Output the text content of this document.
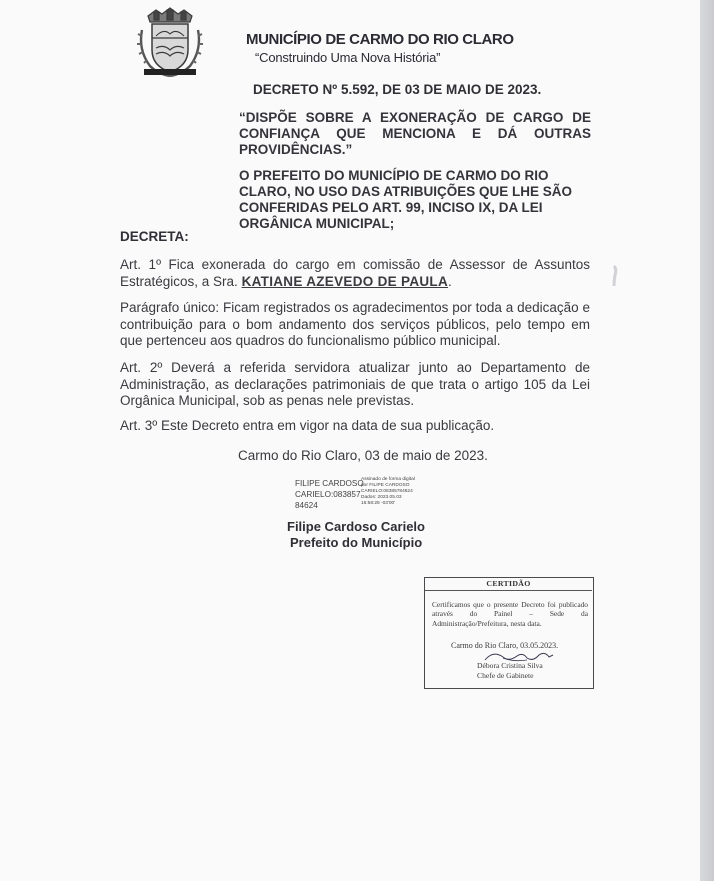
MUNICÍPIO DE CARMO DO RIO CLARO
“Construindo Uma Nova História”
DECRETO Nº 5.592, DE 03 DE MAIO DE 2023.
“DISPÕE SOBRE A EXONERAÇÃO DE CARGO DE CONFIANÇA QUE MENCIONA E DÁ OUTRAS PROVIDÊNCIAS.”
O PREFEITO DO MUNICÍPIO DE CARMO DO RIO CLARO, NO USO DAS ATRIBUIÇÕES QUE LHE SÃO CONFERIDAS PELO ART. 99, INCISO IX, DA LEI ORGÂNICA MUNICIPAL;
DECRETA:
Art. 1º Fica exonerada do cargo em comissão de Assessor de Assuntos Estratégicos, a Sra. KATIANE AZEVEDO DE PAULA.
Parágrafo único: Ficam registrados os agradecimentos por toda a dedicação e contribuição para o bom andamento dos serviços públicos, pelo tempo em que pertenceu aos quadros do funcionalismo público municipal.
Art. 2º Deverá a referida servidora atualizar junto ao Departamento de Administração, as declarações patrimoniais de que trata o artigo 105 da Lei Orgânica Municipal, sob as penas nele previstas.
Art. 3º Este Decreto entra em vigor na data de sua publicação.
Carmo do Rio Claro, 03 de maio de 2023.
FILIPE CARDOSO
CARIELO:083857
84624
Assinado de forma digital
por FILIPE CARDOSO
CARIELO:08385784624
Dados: 2023.05.03
16:58:28 -03'00'
Filipe Cardoso Carielo
Prefeito do Município
CERTIDÃO
Certificamos que o presente Decreto foi publicado através do Painel – Sede da Administração/Prefeitura, nesta data.
Carmo do Rio Claro, 03.05.2023.
Débora Cristina Silva
Chefe de Gabinete
